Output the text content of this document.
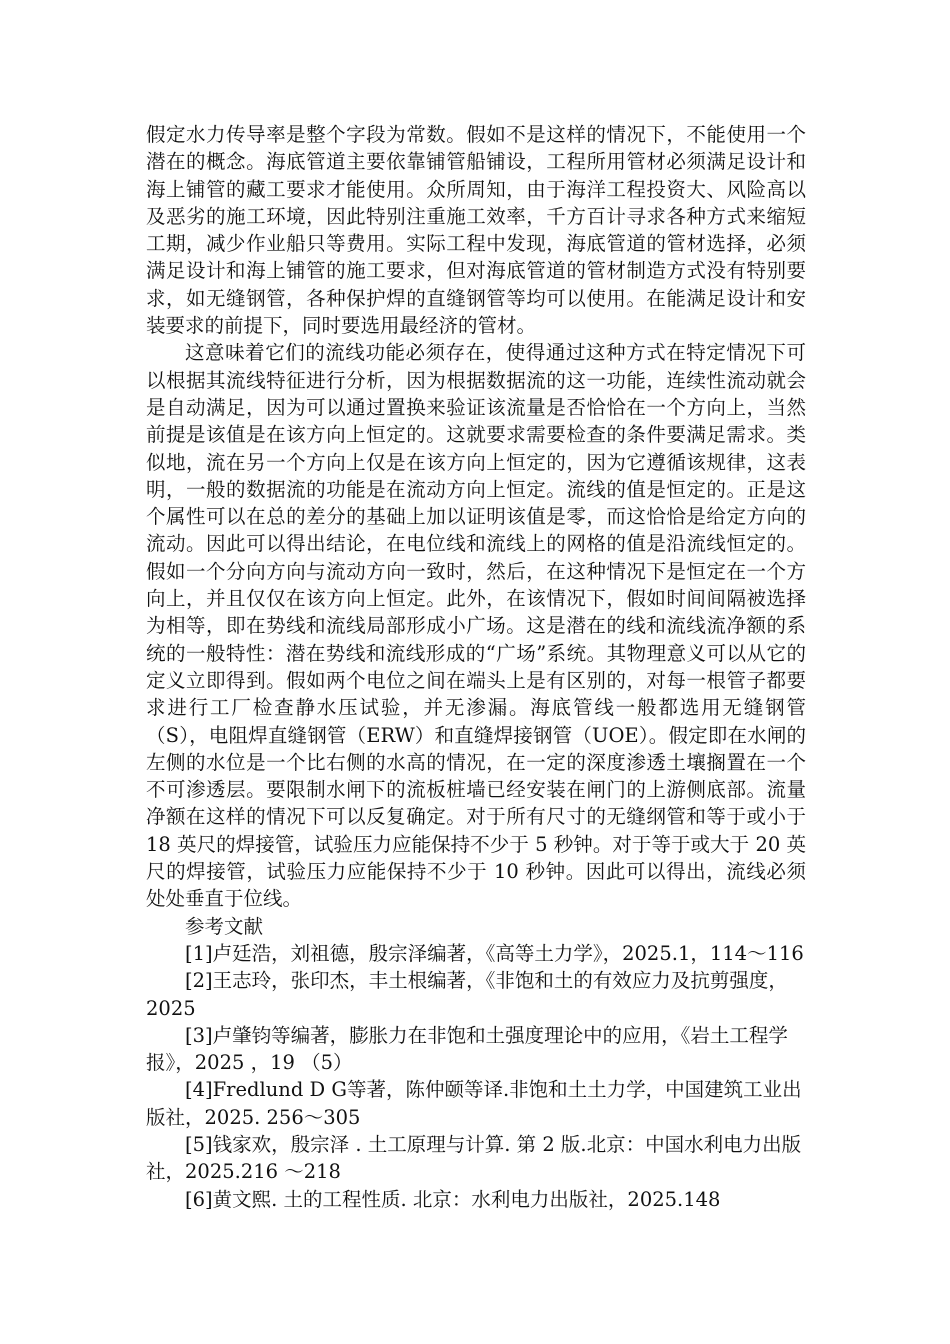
假定水力传导率是整个字段为常数。假如不是这样的情况下，不能使用一个潜在的概念。海底管道主要依靠铺管船铺设，工程所用管材必须满足设计和海上铺管的藏工要求才能使用。众所周知，由于海洋工程投资大、风险高以及恶劣的施工环境，因此特别注重施工效率，千方百计寻求各种方式来缩短工期，减少作业船只等费用。实际工程中发现，海底管道的管材选择，必须满足设计和海上铺管的施工要求，但对海底管道的管材制造方式没有特别要求，如无缝钢管，各种保护焊的直缝钢管等均可以使用。在能满足设计和安装要求的前提下，同时要选用最经济的管材。

这意味着它们的流线功能必须存在，使得通过这种方式在特定情况下可以根据其流线特征进行分析，因为根据数据流的这一功能，连续性流动就会是自动满足，因为可以通过置换来验证该流量是否恰恰在一个方向上，当然前提是该值是在该方向上恒定的。这就要求需要检查的条件要满足需求。类似地，流在另一个方向上仅是在该方向上恒定的，因为它遵循该规律，这表明，一般的数据流的功能是在流动方向上恒定。流线的值是恒定的。正是这个属性可以在总的差分的基础上加以证明该值是零，而这恰恰是给定方向的流动。因此可以得出结论，在电位线和流线上的网格的值是沿流线恒定的。假如一个分向方向与流动方向一致时，然后，在这种情况下是恒定在一个方向上，并且仅仅在该方向上恒定。此外，在该情况下，假如时间间隔被选择为相等，即在势线和流线局部形成小广场。这是潜在的线和流线流净额的系统的一般特性：潜在势线和流线形成的“广场”系统。其物理意义可以从它的定义立即得到。假如两个电位之间在端头上是有区别的，对每一根管子都要求进行工厂检查静水压试验，并无渗漏。海底管线一般都选用无缝钢管（S），电阻焊直缝钢管（ERW）和直缝焊接钢管（UOE）。假定即在水闸的左侧的水位是一个比右侧的水高的情况，在一定的深度渗透土壤搁置在一个不可渗透层。要限制水闸下的流板桩墙已经安装在闸门的上游侧底部。流量净额在这样的情况下可以反复确定。对于所有尺寸的无缝纲管和等于或小于 18 英尺的焊接管，试验压力应能保持不少于 5 秒钟。对于等于或大于 20 英尺的焊接管，试验压力应能保持不少于 10 秒钟。因此可以得出，流线必须处处垂直于位线。

参考文献

[1]卢廷浩，刘祖德，殷宗泽编著，《高等土力学》，2025.1，114～116

[2]王志玲，张印杰，丰土根编著，《非饱和土的有效应力及抗剪强度，2025

[3]卢肇钧等编著，膨胀力在非饱和土强度理论中的应用，《岩土工程学报》，2025 ，19 （5）

[4]Fredlund D G等著，陈仲颐等译.非饱和土土力学，中国建筑工业出版社，2025. 256～305

[5]钱家欢，殷宗泽 . 土工原理与计算. 第 2 版.北京：中国水利电力出版社，2025.216 ～218

[6]黄文熙. 土的工程性质. 北京：水利电力出版社，2025.148
